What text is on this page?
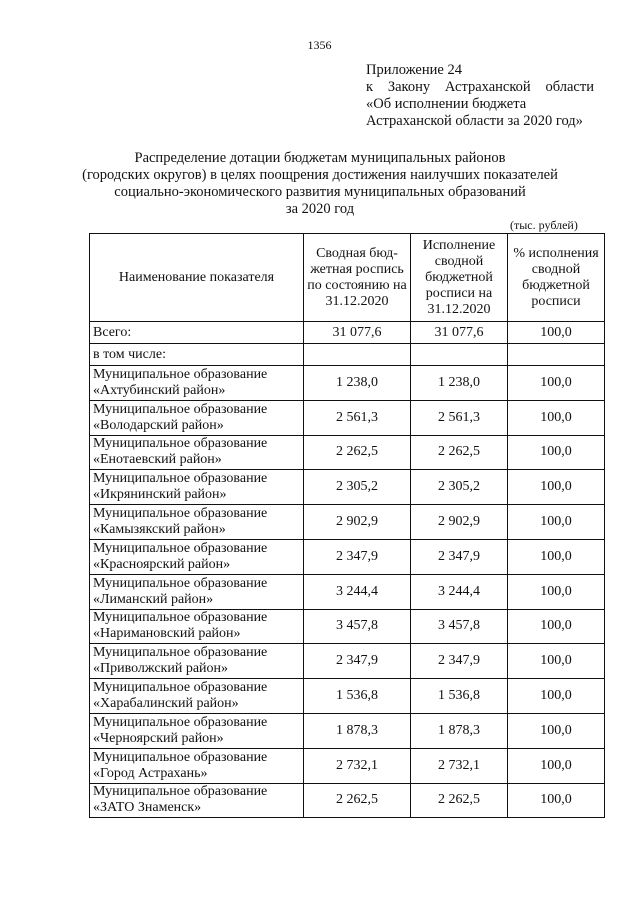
1356
Приложение 24
к Закону Астраханской области
«Об исполнении бюджета
Астраханской области за 2020 год»
Распределение дотации бюджетам муниципальных районов
(городских округов) в целях поощрения достижения наилучших показателей
социально-экономического развития муниципальных образований
за 2020 год
(тыс. рублей)
Наименование показателя	Сводная бюд-жетная роспись по состоянию на 31.12.2020	Исполнение сводной бюджетной росписи на 31.12.2020	% исполнения сводной бюджетной росписи
Всего:	31 077,6	31 077,6	100,0
в том числе:			
Муниципальное образование «Ахтубинский район»	1 238,0	1 238,0	100,0
Муниципальное образование «Володарский район»	2 561,3	2 561,3	100,0
Муниципальное образование «Енотаевский район»	2 262,5	2 262,5	100,0
Муниципальное образование «Икрянинский район»	2 305,2	2 305,2	100,0
Муниципальное образование «Камызякский район»	2 902,9	2 902,9	100,0
Муниципальное образование «Красноярский район»	2 347,9	2 347,9	100,0
Муниципальное образование «Лиманский район»	3 244,4	3 244,4	100,0
Муниципальное образование «Наримановский район»	3 457,8	3 457,8	100,0
Муниципальное образование «Приволжский район»	2 347,9	2 347,9	100,0
Муниципальное образование «Харабалинский район»	1 536,8	1 536,8	100,0
Муниципальное образование «Черноярский район»	1 878,3	1 878,3	100,0
Муниципальное образование «Город Астрахань»	2 732,1	2 732,1	100,0
Муниципальное образование «ЗАТО Знаменск»	2 262,5	2 262,5	100,0
